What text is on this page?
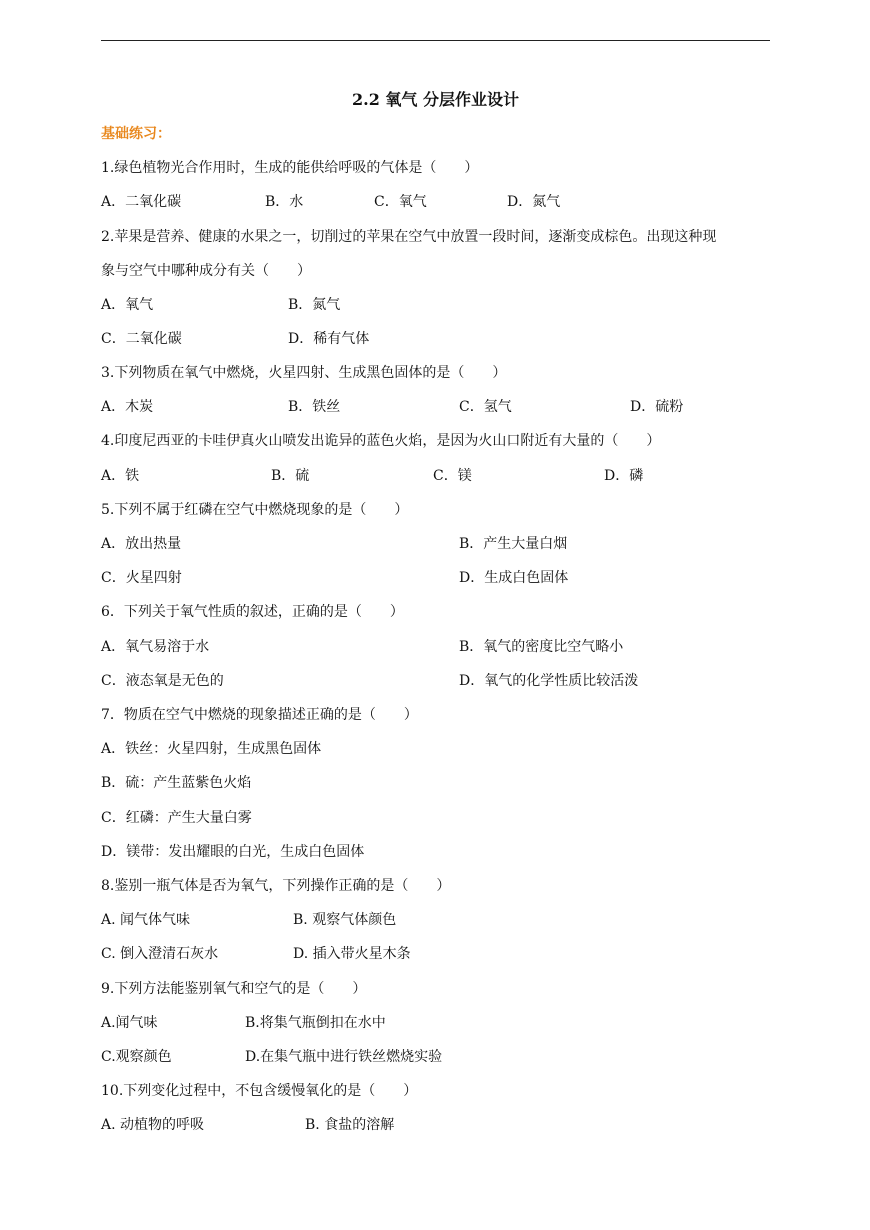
2.2 氧气 分层作业设计
基础练习：
1.绿色植物光合作用时，生成的能供给呼吸的气体是（　　）
A．二氧化碳	B．水	C．氧气	D．氮气
2.苹果是营养、健康的水果之一，切削过的苹果在空气中放置一段时间，逐渐变成棕色。出现这种现
象与空气中哪种成分有关（　　）
A．氧气	B．氮气
C．二氧化碳	D．稀有气体
3.下列物质在氧气中燃烧，火星四射、生成黑色固体的是（　　）
A．木炭	B．铁丝	C．氢气	D．硫粉
4.印度尼西亚的卡哇伊真火山喷发出诡异的蓝色火焰，是因为火山口附近有大量的（　　）
A．铁	B．硫	C．镁	D．磷
5.下列不属于红磷在空气中燃烧现象的是（　　）
A．放出热量	B．产生大量白烟
C．火星四射	D．生成白色固体
6．下列关于氧气性质的叙述，正确的是（　　）
A．氧气易溶于水	B．氧气的密度比空气略小
C．液态氧是无色的	D．氧气的化学性质比较活泼
7．物质在空气中燃烧的现象描述正确的是（　　）
A．铁丝：火星四射，生成黑色固体
B．硫：产生蓝紫色火焰
C．红磷：产生大量白雾
D．镁带：发出耀眼的白光，生成白色固体
8.鉴别一瓶气体是否为氧气，下列操作正确的是（　　）
A. 闻气体气味	B. 观察气体颜色
C. 倒入澄清石灰水	D. 插入带火星木条
9.下列方法能鉴别氧气和空气的是（　　）
A.闻气味	B.将集气瓶倒扣在水中
C.观察颜色	D.在集气瓶中进行铁丝燃烧实验
10.下列变化过程中，不包含缓慢氧化的是（　　）
A. 动植物的呼吸	B. 食盐的溶解
